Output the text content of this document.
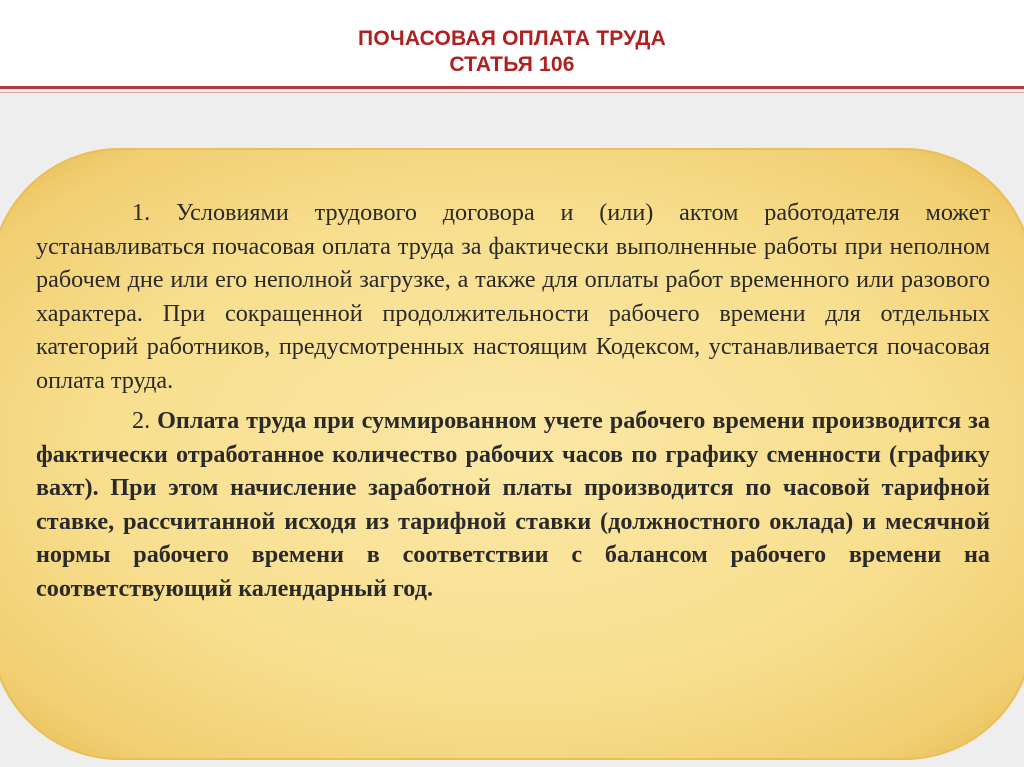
ПОЧАСОВАЯ ОПЛАТА ТРУДА
СТАТЬЯ 106

1. Условиями трудового договора и (или) актом работодателя может устанавливаться почасовая оплата труда за фактически выполненные работы при неполном рабочем дне или его неполной загрузке, а также для оплаты работ временного или разового характера. При сокращенной продолжительности рабочего времени для отдельных категорий работников, предусмотренных настоящим Кодексом, устанавливается почасовая оплата труда.

2. Оплата труда при суммированном учете рабочего времени производится за фактически отработанное количество рабочих часов по графику сменности (графику вахт). При этом начисление заработной платы производится по часовой тарифной ставке, рассчитанной исходя из тарифной ставки (должностного оклада) и месячной нормы рабочего времени в соответствии с балансом рабочего времени на соответствующий календарный год.
